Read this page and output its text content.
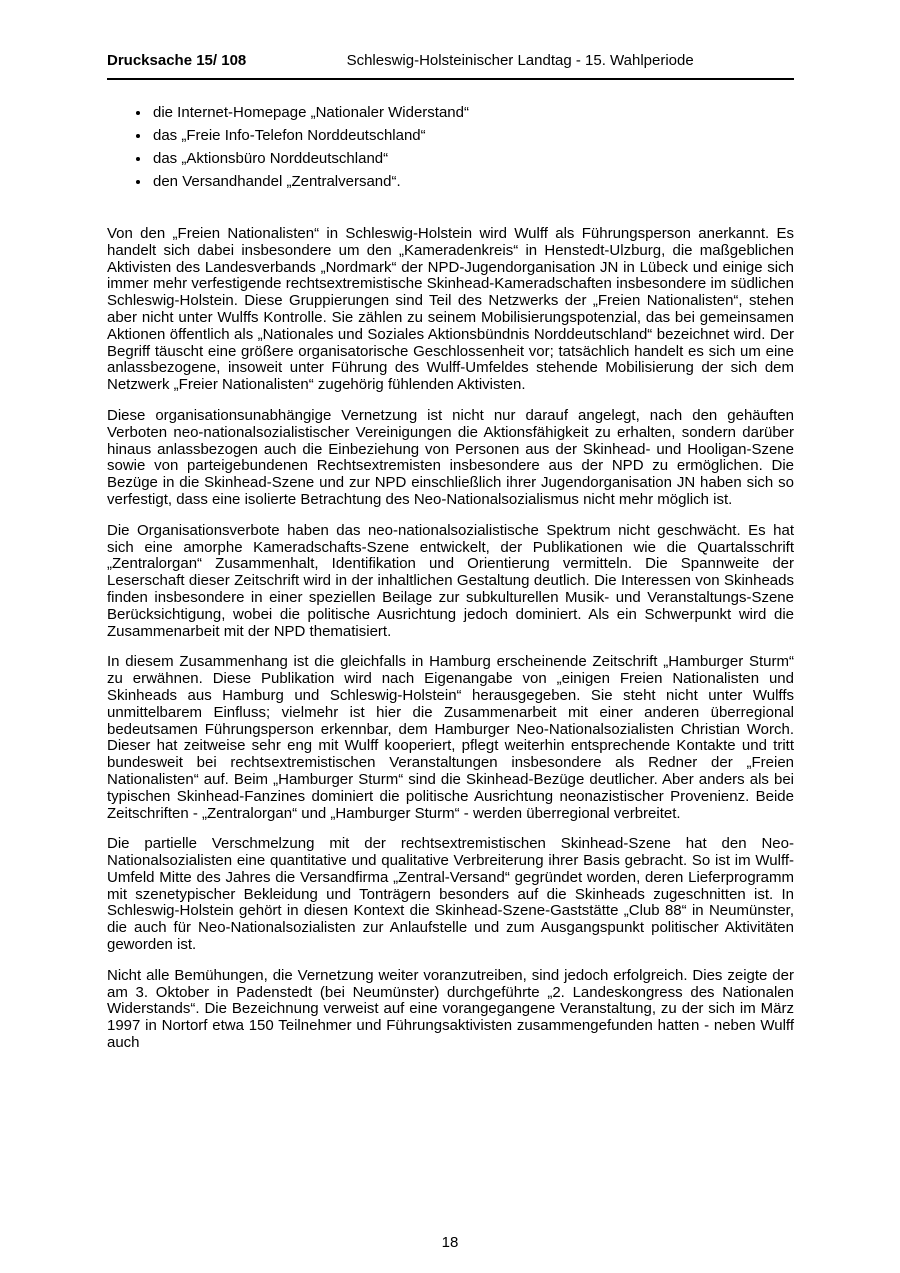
Drucksache 15/ 108	Schleswig-Holsteinischer Landtag - 15. Wahlperiode
• die Internet-Homepage „Nationaler Widerstand“
• das „Freie Info-Telefon Norddeutschland“
• das „Aktionsbüro Norddeutschland“
• den Versandhandel „Zentralversand“.

Von den „Freien Nationalisten“ in Schleswig-Holstein wird Wulff als Führungsperson anerkannt. Es handelt sich dabei insbesondere um den „Kameradenkreis“ in Henstedt-Ulzburg, die maßgeblichen Aktivisten des Landesverbands „Nordmark“ der NPD-Jugendorganisation JN in Lübeck und einige sich immer mehr verfestigende rechtsextremistische Skinhead-Kameradschaften insbesondere im südlichen Schleswig-Holstein. Diese Gruppierungen sind Teil des Netzwerks der „Freien Nationalisten“, stehen aber nicht unter Wulffs Kontrolle. Sie zählen zu seinem Mobilisierungspotenzial, das bei gemeinsamen Aktionen öffentlich als „Nationales und Soziales Aktionsbündnis Norddeutschland“ bezeichnet wird. Der Begriff täuscht eine größere organisatorische Geschlossenheit vor; tatsächlich handelt es sich um eine anlassbezogene, insoweit unter Führung des Wulff-Umfeldes stehende Mobilisierung der sich dem Netzwerk „Freier Nationalisten“ zugehörig fühlenden Aktivisten.

Diese organisationsunabhängige Vernetzung ist nicht nur darauf angelegt, nach den gehäuften Verboten neo-nationalsozialistischer Vereinigungen die Aktionsfähigkeit zu erhalten, sondern darüber hinaus anlassbezogen auch die Einbeziehung von Personen aus der Skinhead- und Hooligan-Szene sowie von parteigebundenen Rechtsextremisten insbesondere aus der NPD zu ermöglichen. Die Bezüge in die Skinhead-Szene und zur NPD einschließlich ihrer Jugendorganisation JN haben sich so verfestigt, dass eine isolierte Betrachtung des Neo-Nationalsozialismus nicht mehr möglich ist.

Die Organisationsverbote haben das neo-nationalsozialistische Spektrum nicht geschwächt. Es hat sich eine amorphe Kameradschafts-Szene entwickelt, der Publikationen wie die Quartalsschrift „Zentralorgan“ Zusammenhalt, Identifikation und Orientierung vermitteln. Die Spannweite der Leserschaft dieser Zeitschrift wird in der inhaltlichen Gestaltung deutlich. Die Interessen von Skinheads finden insbesondere in einer speziellen Beilage zur subkulturellen Musik- und Veranstaltungs-Szene Berücksichtigung, wobei die politische Ausrichtung jedoch dominiert. Als ein Schwerpunkt wird die Zusammenarbeit mit der NPD thematisiert.

In diesem Zusammenhang ist die gleichfalls in Hamburg erscheinende Zeitschrift „Hamburger Sturm“ zu erwähnen. Diese Publikation wird nach Eigenangabe von „einigen Freien Nationalisten und Skinheads aus Hamburg und Schleswig-Holstein“ herausgegeben. Sie steht nicht unter Wulffs unmittelbarem Einfluss; vielmehr ist hier die Zusammenarbeit mit einer anderen überregional bedeutsamen Führungsperson erkennbar, dem Hamburger Neo-Nationalsozialisten Christian Worch. Dieser hat zeitweise sehr eng mit Wulff kooperiert, pflegt weiterhin entsprechende Kontakte und tritt bundesweit bei rechtsextremistischen Veranstaltungen insbesondere als Redner der „Freien Nationalisten“ auf. Beim „Hamburger Sturm“ sind die Skinhead-Bezüge deutlicher. Aber anders als bei typischen Skinhead-Fanzines dominiert die politische Ausrichtung neonazistischer Provenienz. Beide Zeitschriften - „Zentralorgan“ und „Hamburger Sturm“ - werden überregional verbreitet.

Die partielle Verschmelzung mit der rechtsextremistischen Skinhead-Szene hat den Neo-Nationalsozialisten eine quantitative und qualitative Verbreiterung ihrer Basis gebracht. So ist im Wulff-Umfeld Mitte des Jahres die Versandfirma „Zentral-Versand“ gegründet worden, deren Lieferprogramm mit szenetypischer Bekleidung und Tonträgern besonders auf die Skinheads zugeschnitten ist. In Schleswig-Holstein gehört in diesen Kontext die Skinhead-Szene-Gaststätte „Club 88“ in Neumünster, die auch für Neo-Nationalsozialisten zur Anlaufstelle und zum Ausgangspunkt politischer Aktivitäten geworden ist.

Nicht alle Bemühungen, die Vernetzung weiter voranzutreiben, sind jedoch erfolgreich. Dies zeigte der am 3. Oktober in Padenstedt (bei Neumünster) durchgeführte „2. Landeskongress des Nationalen Widerstands“. Die Bezeichnung verweist auf eine vorangegangene Veranstaltung, zu der sich im März 1997 in Nortorf etwa 150 Teilnehmer und Führungsaktivisten zusammengefunden hatten - neben Wulff auch

18
